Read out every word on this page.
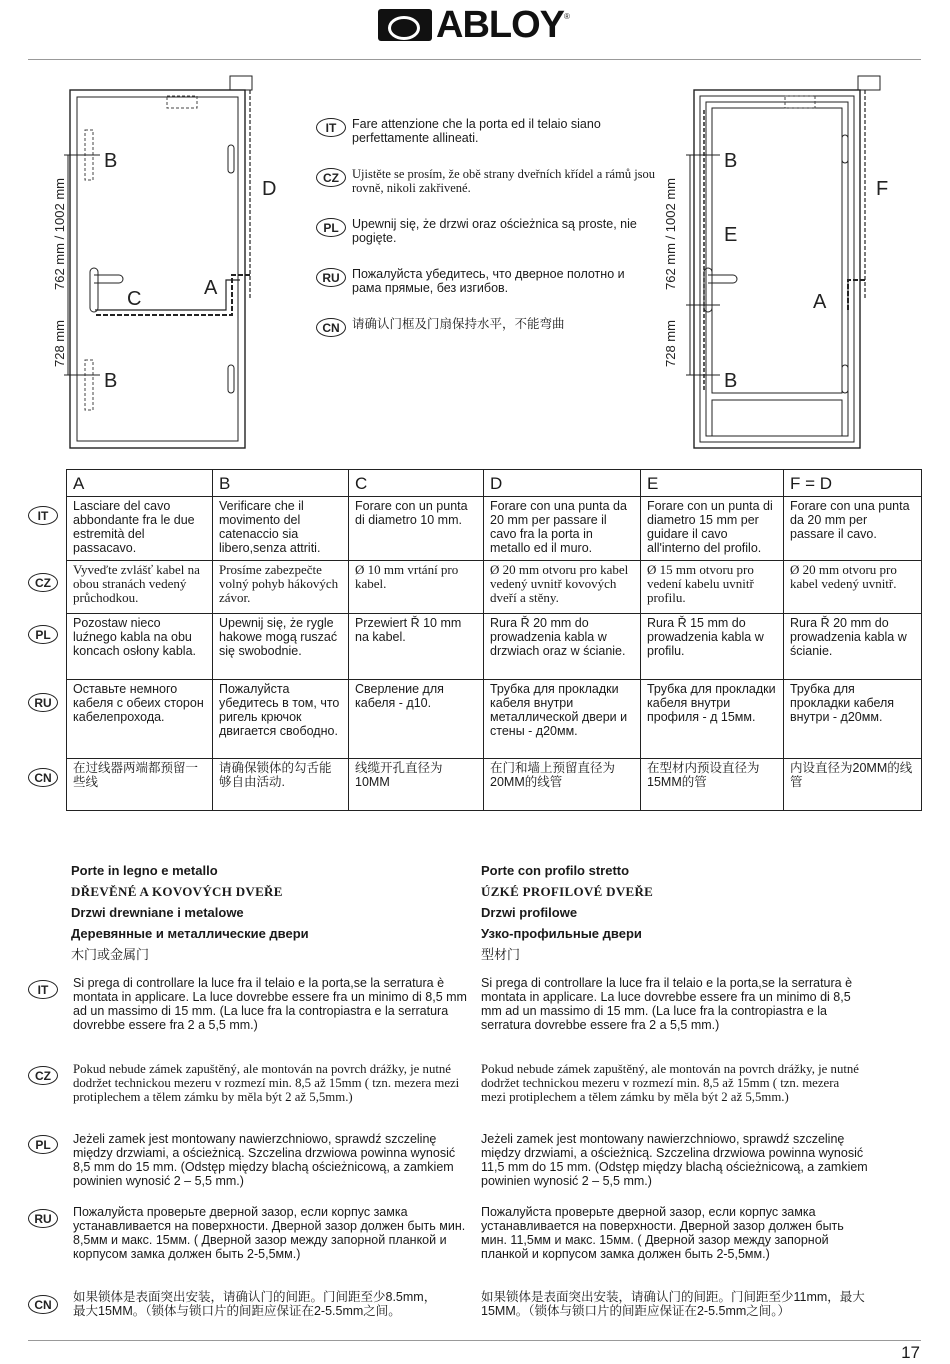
ABLOY ®
B
B
C	A
D
762 mm / 1002 mm
728 mm
IT	Fare attenzione che la porta ed il telaio siano perfettamente allineati.
CZ	Ujistěte se prosím, že obě strany dveřních křídel a rámů jsou rovně, nikoli zakřivené.
PL	Upewnij się, że drzwi oraz ościeżnica są proste, nie pogięte.
RU Пожалуйста убедитесь, что дверное полотно и рама прямые, без изгибов.
CN 请确认门框及门扇保持水平，不能弯曲
B
E
A
B
F
762 mm / 1002 mm
728 mm
IT
CZ
PL
RU
CN
A	B	C	D	E	F = D
Lasciare del cavo abbondante fra le due estremità del passacavo.	Verificare che il movimento del catenaccio sia libero,senza attriti.	Forare con un punta di diametro 10 mm.	Forare con una punta da 20 mm per passare il cavo fra la porta in metallo ed il muro.	Forare con un punta di diametro 15 mm per guidare il cavo all'interno del profilo.	Forare con una punta da 20 mm per passare il cavo.
Vyveďte zvlášť kabel na obou stranách vedený průchodkou.	Prosíme zabezpečte volný pohyb hákových závor.	Ø 10 mm vrtání pro kabel.	Ø 20 mm otvoru pro kabel vedený uvnitř kovových dveří a stěny.	Ø 15 mm otvoru pro vedení kabelu uvnitř profilu.	Ø 20 mm otvoru pro kabel vedený uvnitř.
Pozostaw nieco luźnego kabla na obu koncach osłony kabla.	Upewnij się, że rygle hakowe mogą ruszać się swobodnie.	Przewiert Ř 10 mm na kabel.	Rura Ř 20 mm do prowadzenia kabla w drzwiach oraz w ścianie.	Rura Ř 15 mm do prowadzenia kabla w profilu.	Rura Ř 20 mm do prowadzenia kabla w ścianie.
Оставьте немного кабеля с обеих сторон кабелепрохода.	Пожалуйста убедитесь в том, что ригель крючок двигается свободно.	Сверление для кабеля - д10.	Трубка для прокладки кабеля внутри металлической двери и стены - д20мм.	Трубка для прокладки кабеля внутри профиля - д 15мм.	Трубка для прокладки кабеля внутри - д20мм.
在过线器两端都预留一些线	请确保锁体的勾舌能够自由活动.	线缆开孔直径为10MM	在门和墙上预留直径为20MM的线管	在型材内预设直径为15MM的管	内设直径为20MM的线管
Porte in legno e metallo
DŘEVĚNÉ A KOVOVÝCH DVEŘE
Drzwi drewniane i metalowe
Деревянные и металлические двери
木门或金属门
Porte con profilo stretto
ÚZKÉ PROFILOVÉ DVEŘE
Drzwi profilowe
Узко-профильные двери
型材门
IT
CZ
PL
RU
CN
Si prega di controllare la luce fra il telaio e la porta,se la serratura è montata in applicare. La luce dovrebbe essere fra un minimo di 8,5 mm ad un massimo di 15 mm. (La luce fra la contropiastra e la serratura dovrebbe essere fra 2 a 5,5 mm.)
Pokud nebude zámek zapuštěný, ale montován na povrch drážky, je nutné dodržet technickou mezeru v rozmezí min. 8,5 až 15mm ( tzn. mezera mezi protiplechem a tělem zámku by měla být 2 až 5,5mm.)
Jeżeli zamek jest montowany nawierzchniowo, sprawdź szczelinę między drzwiami, a ościeżnicą. Szczelina drzwiowa powinna wynosić 8,5 mm do 15 mm. (Odstęp między blachą ościeżnicową, a zamkiem powinien wynosić 2 – 5,5 mm.)
Пожалуйста проверьте дверной зазор, если корпус замка устанавливается на поверхности. Дверной зазор должен быть мин. 8,5мм и макс. 15мм. ( Дверной зазор между запорной планкой и корпусом замка должен быть 2-5,5мм.)
如果锁体是表面突出安装，请确认门的间距。门间距至少8.5mm，最大15MM。（锁体与锁口片的间距应保证在2-5.5mm之间。
Si prega di controllare la luce fra il telaio e la porta,se la serratura è montata in applicare. La luce dovrebbe essere fra un minimo di 8,5 mm ad un massimo di 15 mm. (La luce fra la contropiastra e la serratura dovrebbe essere fra 2 a 5,5 mm.)
Pokud nebude zámek zapuštěný, ale montován na povrch drážky, je nutné dodržet technickou mezeru v rozmezí min. 8,5 až 15mm ( tzn. mezera mezi protiplechem a tělem zámku by měla být 2 až 5,5mm.)
Jeżeli zamek jest montowany nawierzchniowo, sprawdź szczelinę między drzwiami, a ościeżnicą. Szczelina drzwiowa powinna wynosić 11,5 mm do 15 mm. (Odstęp między blachą ościeżnicową, a zamkiem powinien wynosić 2 – 5,5 mm.)
Пожалуйста проверьте дверной зазор, если корпус замка устанавливается на поверхности. Дверной зазор должен быть мин. 11,5мм и макс. 15мм. ( Дверной зазор между запорной планкой и корпусом замка должен быть 2-5,5мм.)
如果锁体是表面突出安装，请确认门的间距。门间距至少11mm，最大15MM。（锁体与锁口片的间距应保证在2-5.5mm之间。）
17
